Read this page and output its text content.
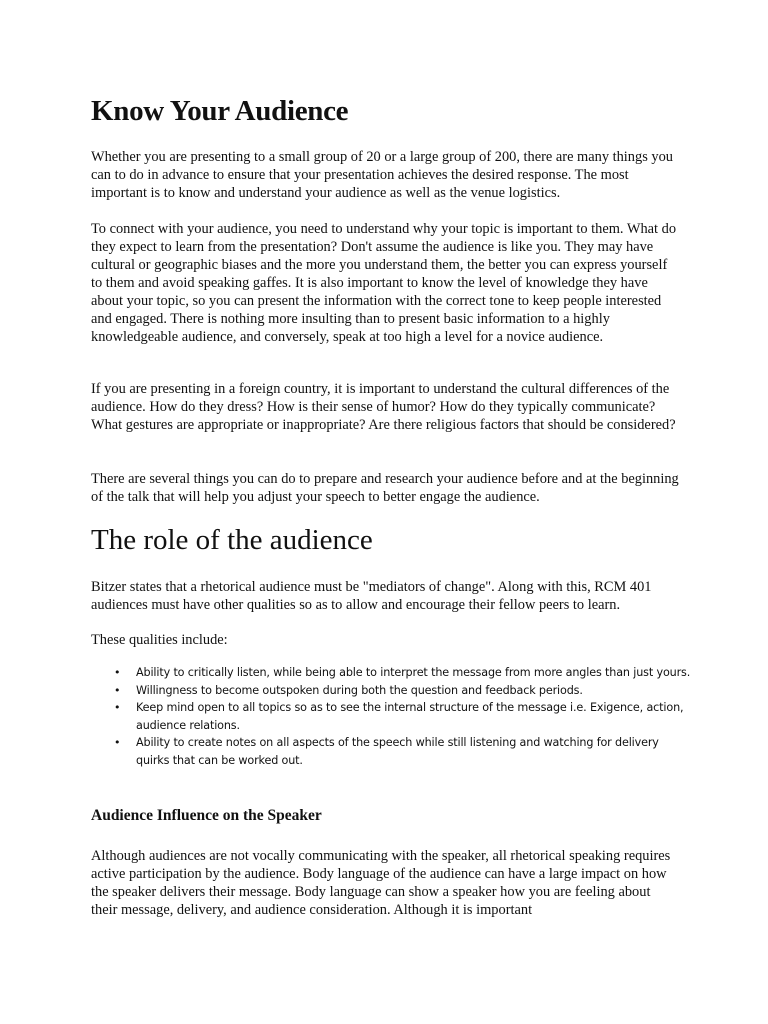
Know Your Audience

Whether you are presenting to a small group of 20 or a large group of 200, there are many things you can to do in advance to ensure that your presentation achieves the desired response. The most important is to know and understand your audience as well as the venue logistics.

To connect with your audience, you need to understand why your topic is important to them. What do they expect to learn from the presentation? Don't assume the audience is like you. They may have cultural or geographic biases and the more you understand them, the better you can express yourself to them and avoid speaking gaffes. It is also important to know the level of knowledge they have about your topic, so you can present the information with the correct tone to keep people interested and engaged. There is nothing more insulting than to present basic information to a highly knowledgeable audience, and conversely, speak at too high a level for a novice audience.

If you are presenting in a foreign country, it is important to understand the cultural differences of the audience. How do they dress? How is their sense of humor? How do they typically communicate? What gestures are appropriate or inappropriate? Are there religious factors that should be considered?

There are several things you can do to prepare and research your audience before and at the beginning of the talk that will help you adjust your speech to better engage the audience.

The role of the audience

Bitzer states that a rhetorical audience must be "mediators of change". Along with this, RCM 401 audiences must have other qualities so as to allow and encourage their fellow peers to learn.

These qualities include:

• Ability to critically listen, while being able to interpret the message from more angles than just yours.
• Willingness to become outspoken during both the question and feedback periods.
• Keep mind open to all topics so as to see the internal structure of the message i.e. Exigence, action, audience relations.
• Ability to create notes on all aspects of the speech while still listening and watching for delivery quirks that can be worked out.
Audience Influence on the Speaker

Although audiences are not vocally communicating with the speaker, all rhetorical speaking requires active participation by the audience. Body language of the audience can have a large impact on how the speaker delivers their message. Body language can show a speaker how you are feeling about their message, delivery, and audience consideration. Although it is important
